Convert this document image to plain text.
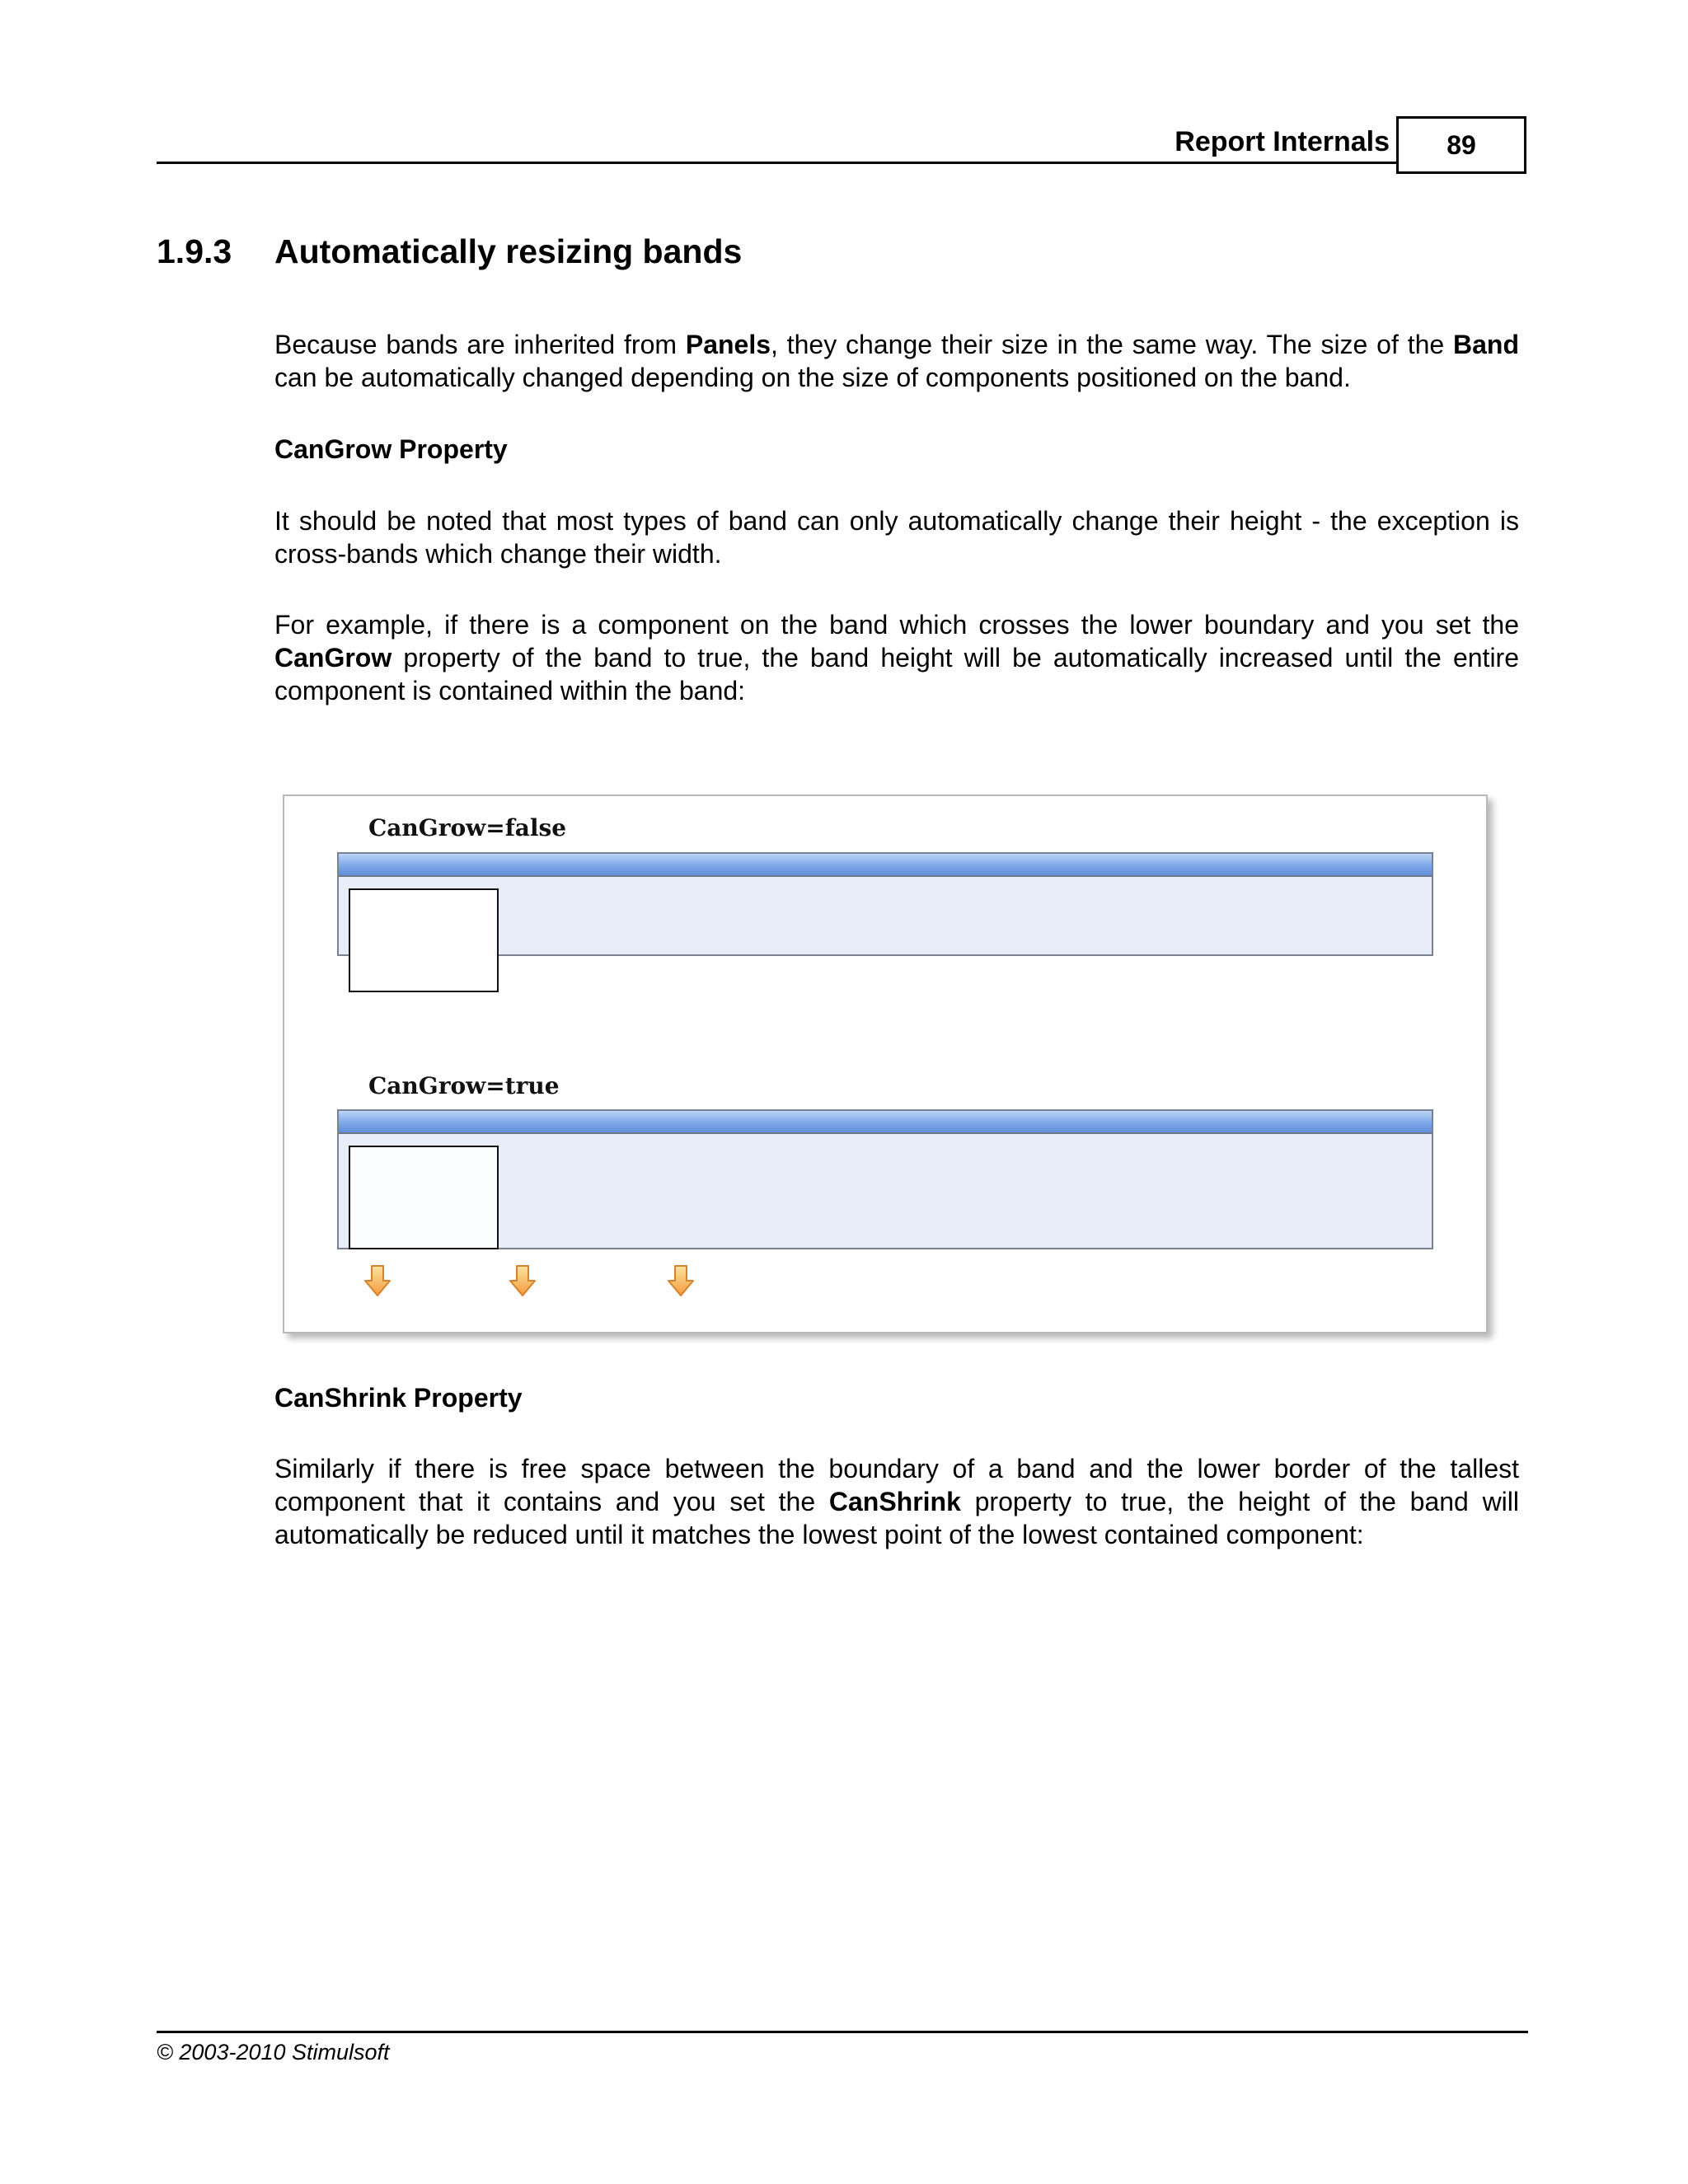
Report Internals	89
1.9.3 Automatically resizing bands

Because bands are inherited from Panels, they change their size in the same way. The size of the Band can be automatically changed depending on the size of components positioned on the band.

CanGrow Property

It should be noted that most types of band can only automatically change their height - the exception is cross-bands which change their width.

For example, if there is a component on the band which crosses the lower boundary and you set the CanGrow property of the band to true, the band height will be automatically increased until the entire component is contained within the band:

CanGrow=false
CanGrow=true
CanShrink Property

Similarly if there is free space between the boundary of a band and the lower border of the tallest component that it contains and you set the CanShrink property to true, the height of the band will automatically be reduced until it matches the lowest point of the lowest contained component:

© 2003-2010 Stimulsoft
